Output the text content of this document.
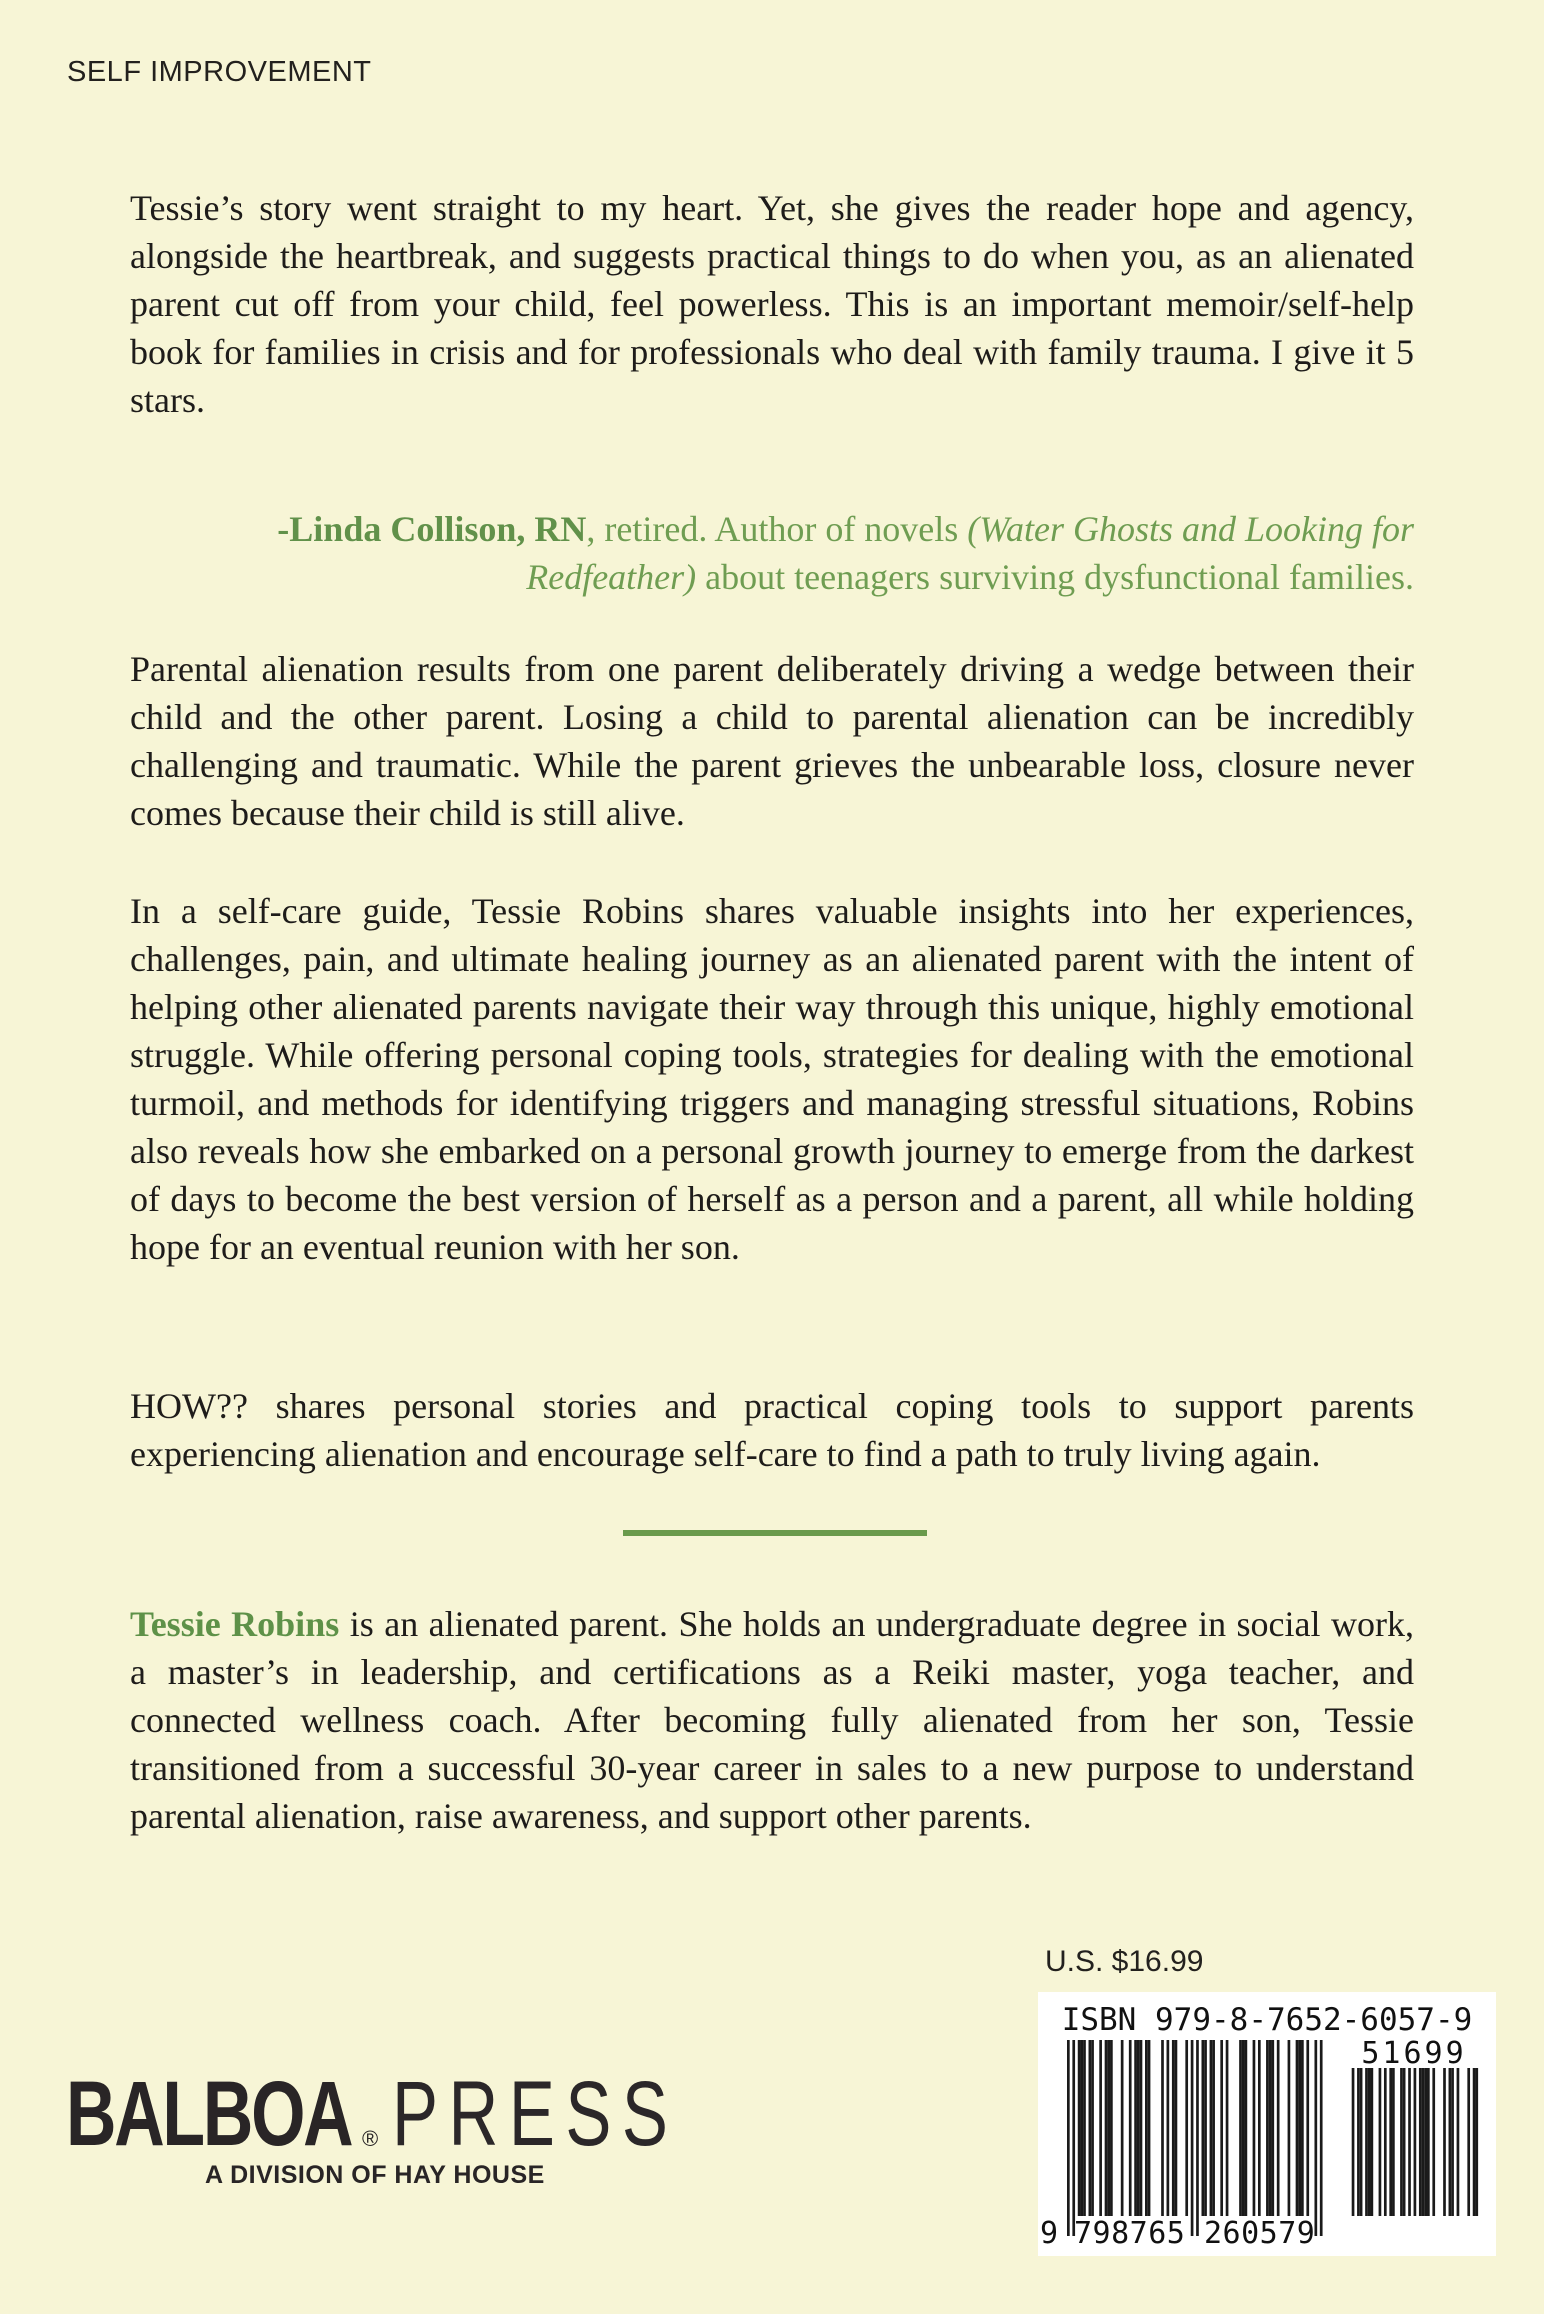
SELF IMPROVEMENT
Tessie’s story went straight to my heart. Yet, she gives the reader hope and agency, alongside the heartbreak, and suggests practical things to do when you, as an alienated parent cut off from your child, feel powerless. This is an important memoir/self-help book for families in crisis and for professionals who deal with family trauma. I give it 5 stars.
-Linda Collison, RN, retired. Author of novels (Water Ghosts and Looking for Redfeather) about teenagers surviving dysfunctional families.
Parental alienation results from one parent deliberately driving a wedge between their child and the other parent. Losing a child to parental alienation can be incredibly challenging and traumatic. While the parent grieves the unbearable loss, closure never comes because their child is still alive.
In a self-care guide, Tessie Robins shares valuable insights into her experiences, challenges, pain, and ultimate healing journey as an alienated parent with the intent of helping other alienated parents navigate their way through this unique, highly emotional struggle. While offering personal coping tools, strategies for dealing with the emotional turmoil, and methods for identifying triggers and managing stressful situations, Robins also reveals how she embarked on a personal growth journey to emerge from the darkest of days to become the best version of herself as a person and a parent, all while holding hope for an eventual reunion with her son.
HOW?? shares personal stories and practical coping tools to support parents experiencing alienation and encourage self-care to find a path to truly living again.
Tessie Robins is an alienated parent. She holds an undergraduate degree in social work, a master’s in leadership, and certifications as a Reiki master, yoga teacher, and connected wellness coach. After becoming fully alienated from her son, Tessie transitioned from a successful 30-year career in sales to a new purpose to understand parental alienation, raise awareness, and support other parents.
U.S. $16.99
ISBN 979-8-7652-6057-9
51699
9 798765 260579
BALBOA ® PRESS
A DIVISION OF HAY HOUSE
